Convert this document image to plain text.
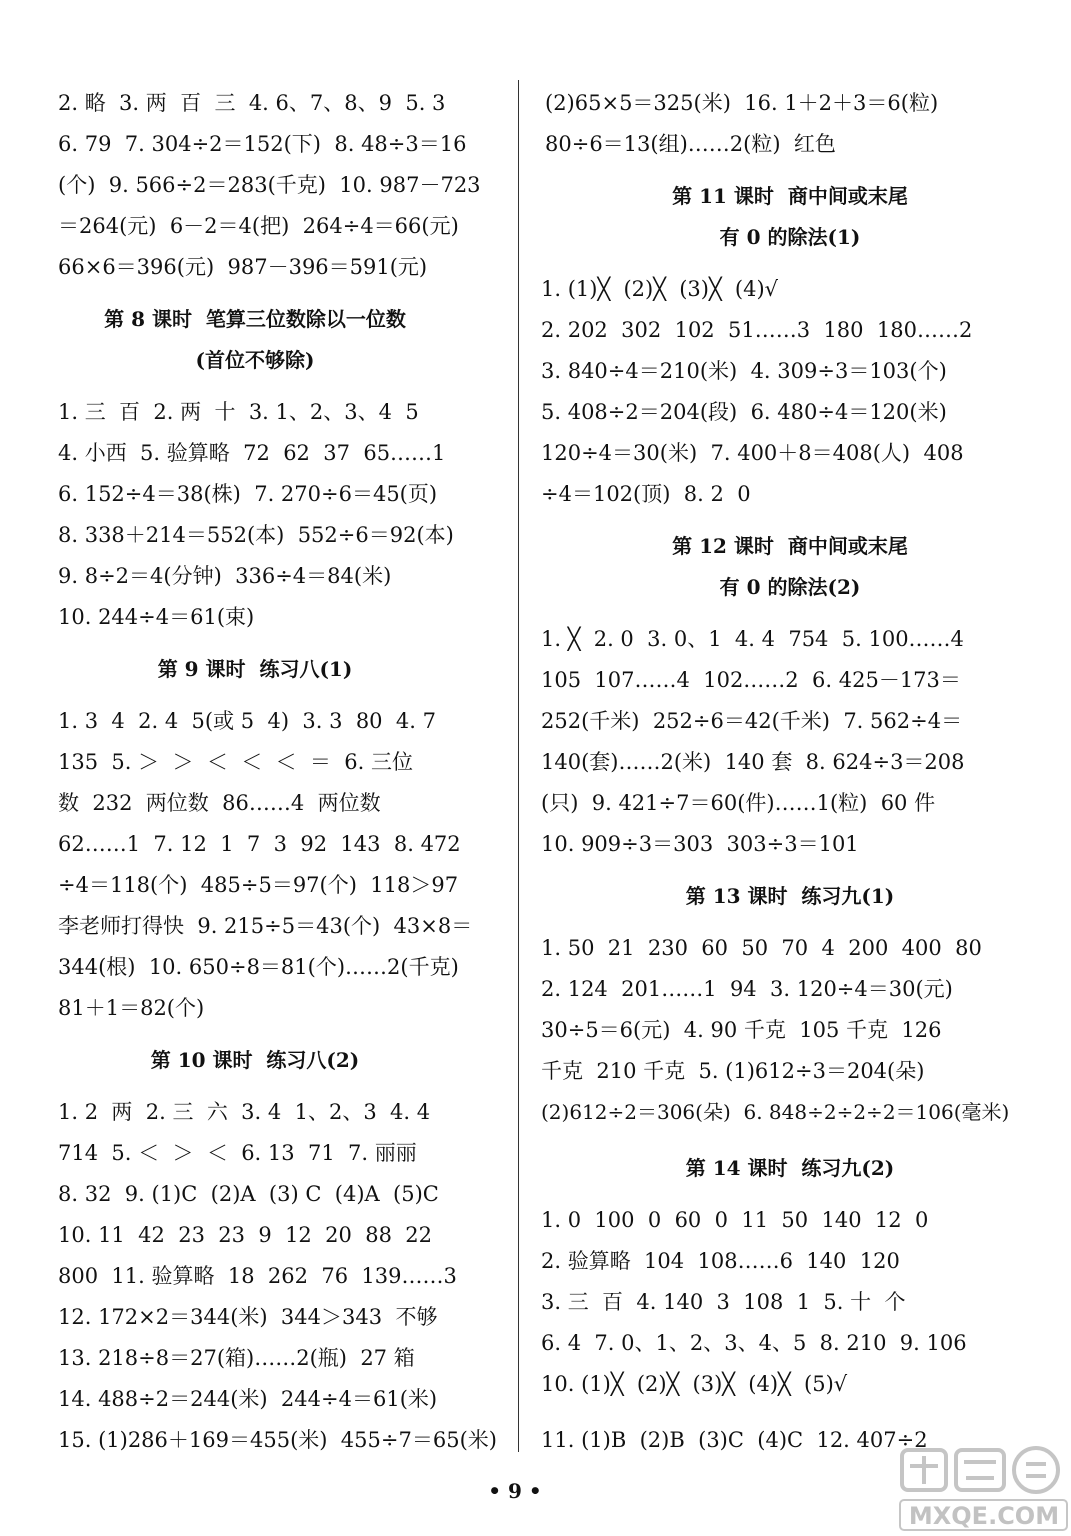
2. 略  3. 两  百  三  4. 6、7、8、9  5. 3
6. 79  7. 304÷2＝152(下)  8. 48÷3＝16
(个)  9. 566÷2＝283(千克)  10. 987－723
＝264(元)  6－2＝4(把)  264÷4＝66(元)
66×6＝396(元)  987－396＝591(元)
第 8 课时  笔算三位数除以一位数
(首位不够除)
1. 三  百  2. 两  十  3. 1、2、3、4  5
4. 小西  5. 验算略  72  62  37  65……1
6. 152÷4＝38(株)  7. 270÷6＝45(页)
8. 338＋214＝552(本)  552÷6＝92(本)
9. 8÷2＝4(分钟)  336÷4＝84(米)
10. 244÷4＝61(束)
第 9 课时  练习八(1)
1. 3  4  2. 4  5(或 5  4)  3. 3  80  4. 7
135  5. ＞  ＞  ＜  ＜  ＜  ＝  6. 三位
数  232  两位数  86……4  两位数
62……1  7. 12  1  7  3  92  143  8. 472
÷4＝118(个)  485÷5＝97(个)  118＞97
李老师打得快  9. 215÷5＝43(个)  43×8＝
344(根)  10. 650÷8＝81(个)……2(千克)
81＋1＝82(个)
第 10 课时  练习八(2)
1. 2  两  2. 三  六  3. 4  1、2、3  4. 4
714  5. ＜  ＞  ＜  6. 13  71  7. 丽丽
8. 32  9. (1)C  (2)A  (3) C  (4)A  (5)C
10. 11  42  23  23  9  12  20  88  22
800  11. 验算略  18  262  76  139……3
12. 172×2＝344(米)  344＞343  不够
13. 218÷8＝27(箱)……2(瓶)  27 箱
14. 488÷2＝244(米)  244÷4＝61(米)
15. (1)286＋169＝455(米)  455÷7＝65(米)
(2)65×5＝325(米)  16. 1＋2＋3＝6(粒)
80÷6＝13(组)……2(粒)  红色
第 11 课时  商中间或末尾
有 0 的除法(1)
1. (1)╳  (2)╳  (3)╳  (4)√
2. 202  302  102  51……3  180  180……2
3. 840÷4＝210(米)  4. 309÷3＝103(个)
5. 408÷2＝204(段)  6. 480÷4＝120(米)
120÷4＝30(米)  7. 400＋8＝408(人)  408
÷4＝102(顶)  8. 2  0
第 12 课时  商中间或末尾
有 0 的除法(2)
1. ╳  2. 0  3. 0、1  4. 4  754  5. 100……4
105  107……4  102……2  6. 425－173＝
252(千米)  252÷6＝42(千米)  7. 562÷4＝
140(套)……2(米)  140 套  8. 624÷3＝208
(只)  9. 421÷7＝60(件)……1(粒)  60 件
10. 909÷3＝303  303÷3＝101
第 13 课时  练习九(1)
1. 50  21  230  60  50  70  4  200  400  80
2. 124  201……1  94  3. 120÷4＝30(元)
30÷5＝6(元)  4. 90 千克  105 千克  126
千克  210 千克  5. (1)612÷3＝204(朵)
(2)612÷2＝306(朵)  6. 848÷2÷2÷2＝106(毫米)
第 14 课时  练习九(2)
1. 0  100  0  60  0  11  50  140  12  0
2. 验算略  104  108……6  140  120
3. 三  百  4. 140  3  108  1  5. 十  个
6. 4  7. 0、1、2、3、4、5  8. 210  9. 106
10. (1)╳  (2)╳  (3)╳  (4)╳  (5)√
11. (1)B  (2)B  (3)C  (4)C  12. 407÷2
• 9 •
MXQE.COM
